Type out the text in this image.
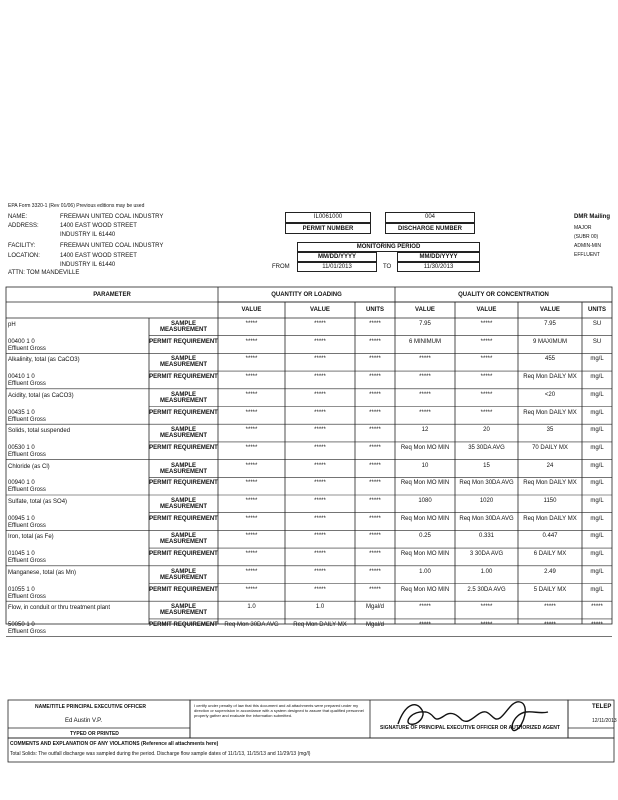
EPA Form 3320-1 (Rev 01/06) Previous editions may be used
NAME:	FREEMAN UNITED COAL INDUSTRY
ADDRESS:	1400 EAST WOOD STREET
INDUSTRY IL 61440
FACILITY:	FREEMAN UNITED COAL INDUSTRY
LOCATION:	1400 EAST WOOD STREET
INDUSTRY IL 61440
ATTN: TOM MANDEVILLE
IL0061000
PERMIT NUMBER
004
DISCHARGE NUMBER
DMR Mailing
MAJOR
(SUBR 00)
ADMIN-MIN
EFFLUENT
MONITORING PERIOD
MM/DD/YYYY	MM/DD/YYYY
FROM	11/01/2013	TO	11/30/2013
PARAMETER	QUANTITY OR LOADING	QUALITY OR CONCENTRATION
VALUE	VALUE	UNITS	VALUE	VALUE	VALUE	UNITS
pH
00400 1 0
Effluent Gross
SAMPLE MEASUREMENT
PERMIT REQUIREMENT
*****	*****	*****	7.95	*****	7.95	SU
*****	*****	*****	6 MINIMUM	*****	9 MAXIMUM	SU
Alkalinity, total (as CaCO3)
00410 1 0
Effluent Gross
SAMPLE MEASUREMENT
PERMIT REQUIREMENT
*****	*****	*****	*****	*****	455	mg/L
*****	*****	*****	*****	*****	Req Mon DAILY MX	mg/L
Acidity, total (as CaCO3)
00435 1 0
Effluent Gross
SAMPLE MEASUREMENT
PERMIT REQUIREMENT
*****	*****	*****	*****	*****	<20	mg/L
*****	*****	*****	*****	*****	Req Mon DAILY MX	mg/L
Solids, total suspended
00530 1 0
Effluent Gross
SAMPLE MEASUREMENT
PERMIT REQUIREMENT
*****	*****	*****	12	20	35	mg/L
*****	*****	*****	Req Mon MO MIN	35 30DA AVG	70 DAILY MX	mg/L
Chloride (as Cl)
00940 1 0
Effluent Gross
SAMPLE MEASUREMENT
PERMIT REQUIREMENT
*****	*****	*****	10	15	24	mg/L
*****	*****	*****	Req Mon MO MIN	Req Mon 30DA AVG	Req Mon DAILY MX	mg/L
Sulfate, total (as SO4)
00945 1 0
Effluent Gross
SAMPLE MEASUREMENT
PERMIT REQUIREMENT
*****	*****	*****	1080	1020	1150	mg/L
*****	*****	*****	Req Mon MO MIN	Req Mon 30DA AVG	Req Mon DAILY MX	mg/L
Iron, total (as Fe)
01045 1 0
Effluent Gross
SAMPLE MEASUREMENT
PERMIT REQUIREMENT
*****	*****	*****	0.25	0.331	0.447	mg/L
*****	*****	*****	Req Mon MO MIN	3 30DA AVG	6 DAILY MX	mg/L
Manganese, total (as Mn)
01055 1 0
Effluent Gross
SAMPLE MEASUREMENT
PERMIT REQUIREMENT
*****	*****	*****	1.00	1.00	2.49	mg/L
*****	*****	*****	Req Mon MO MIN	2.5 30DA AVG	5 DAILY MX	mg/L
Flow, in conduit or thru treatment plant
50050 1 0
Effluent Gross
SAMPLE MEASUREMENT
PERMIT REQUIREMENT
1.0	1.0	Mgal/d	*****	*****	*****	*****
Req Mon 30DA AVG	Req Mon DAILY MX	Mgal/d	*****	*****	*****	*****
NAME/TITLE PRINCIPAL EXECUTIVE OFFICER
Ed Austin V.P.
TYPED OR PRINTED
I certify under penalty of law that this document and all attachments were prepared under my direction or supervision in accordance with a system designed to assure that qualified personnel properly gather and evaluate the information submitted.
SIGNATURE OF PRINCIPAL EXECUTIVE OFFICER OR AUTHORIZED AGENT
TELEP
12/11/2013
COMMENTS AND EXPLANATION OF ANY VIOLATIONS (Reference all attachments here)
Total Solids: The outfall discharge was sampled during the period. Discharge flow sample dates of 11/1/13, 11/15/13 and 11/29/13 (mg/l)
